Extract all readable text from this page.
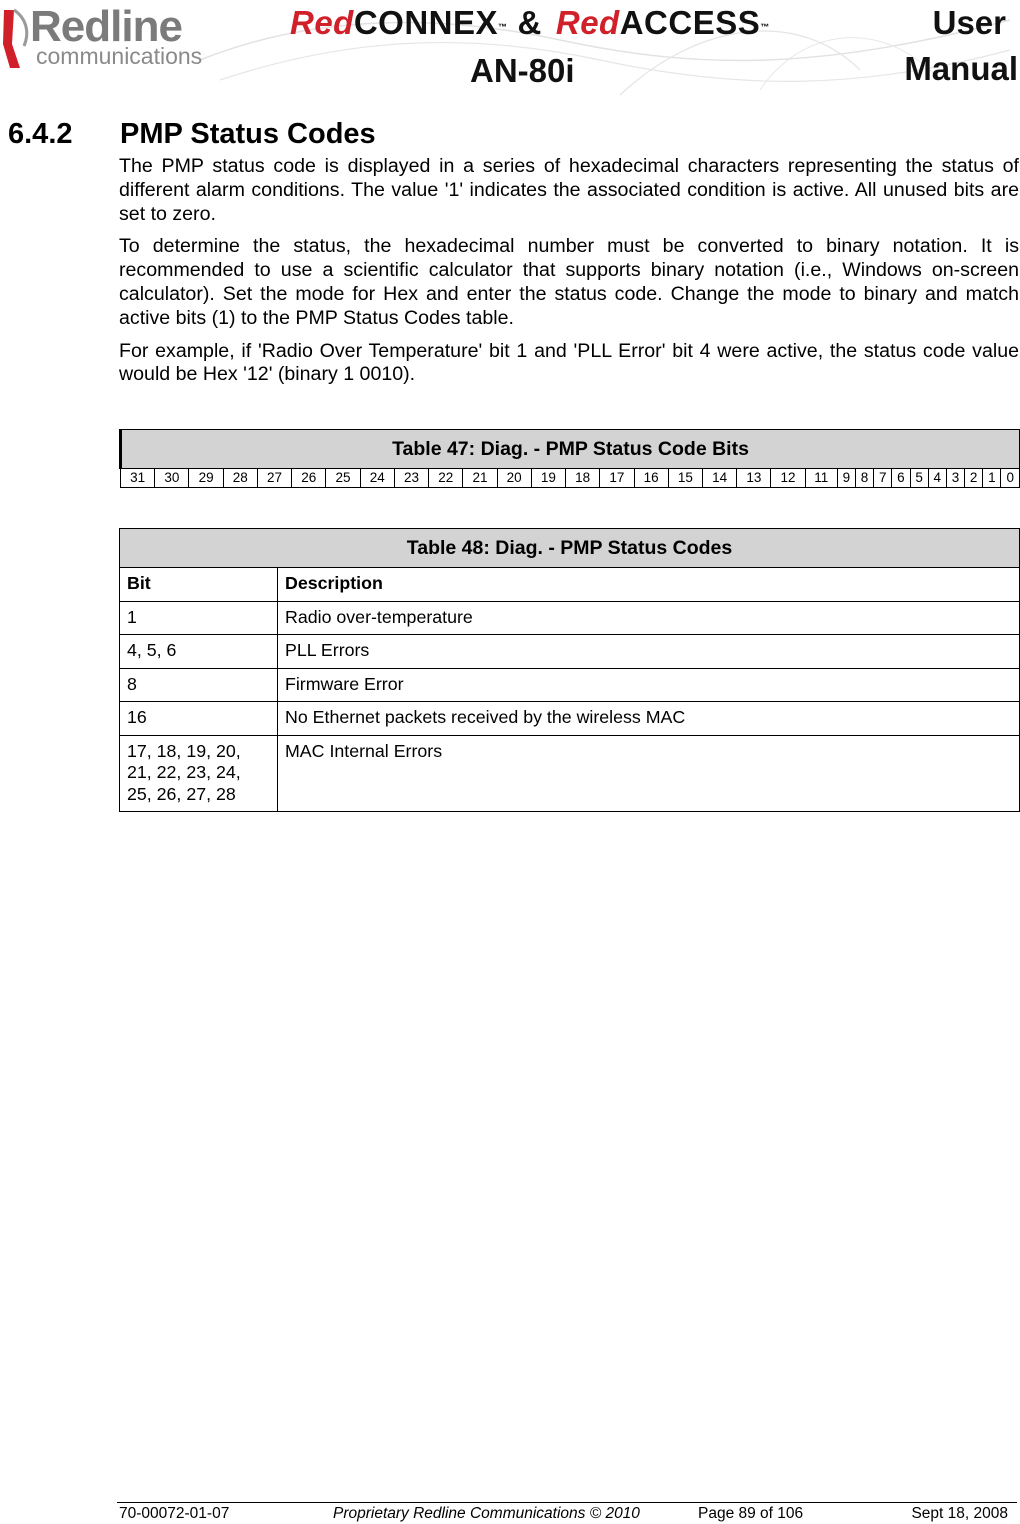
Redline
communications
RedCONNEX™ & RedACCESS™
AN-80i
User
Manual
6.4.2 PMP Status Codes

The PMP status code is displayed in a series of hexadecimal characters representing the status of different alarm conditions. The value '1' indicates the associated condition is active. All unused bits are set to zero.

To determine the status, the hexadecimal number must be converted to binary notation. It is recommended to use a scientific calculator that supports binary notation (i.e., Windows on-screen calculator). Set the mode for Hex and enter the status code. Change the mode to binary and match active bits (1) to the PMP Status Codes table.

For example, if 'Radio Over Temperature' bit 1 and 'PLL Error' bit 4 were active, the status code value would be Hex '12' (binary 1 0010).

Table 47: Diag. - PMP Status Code Bits
31	30	29	28	27	26	25	24	23	22	21	20	19	18	17	16	15	14	13	12	11	9	8	7	6	5	4	3	2	1	0
Table 48: Diag. - PMP Status Codes	
Bit	Description
1	Radio over-temperature
4, 5, 6	PLL Errors
8	Firmware Error
16	No Ethernet packets received by the wireless MAC
17, 18, 19, 20, 21, 22, 23, 24, 25, 26, 27, 28	MAC Internal Errors
70-00072-01-07	Proprietary Redline Communications © 2010	Page 89 of 106	Sept 18, 2008
